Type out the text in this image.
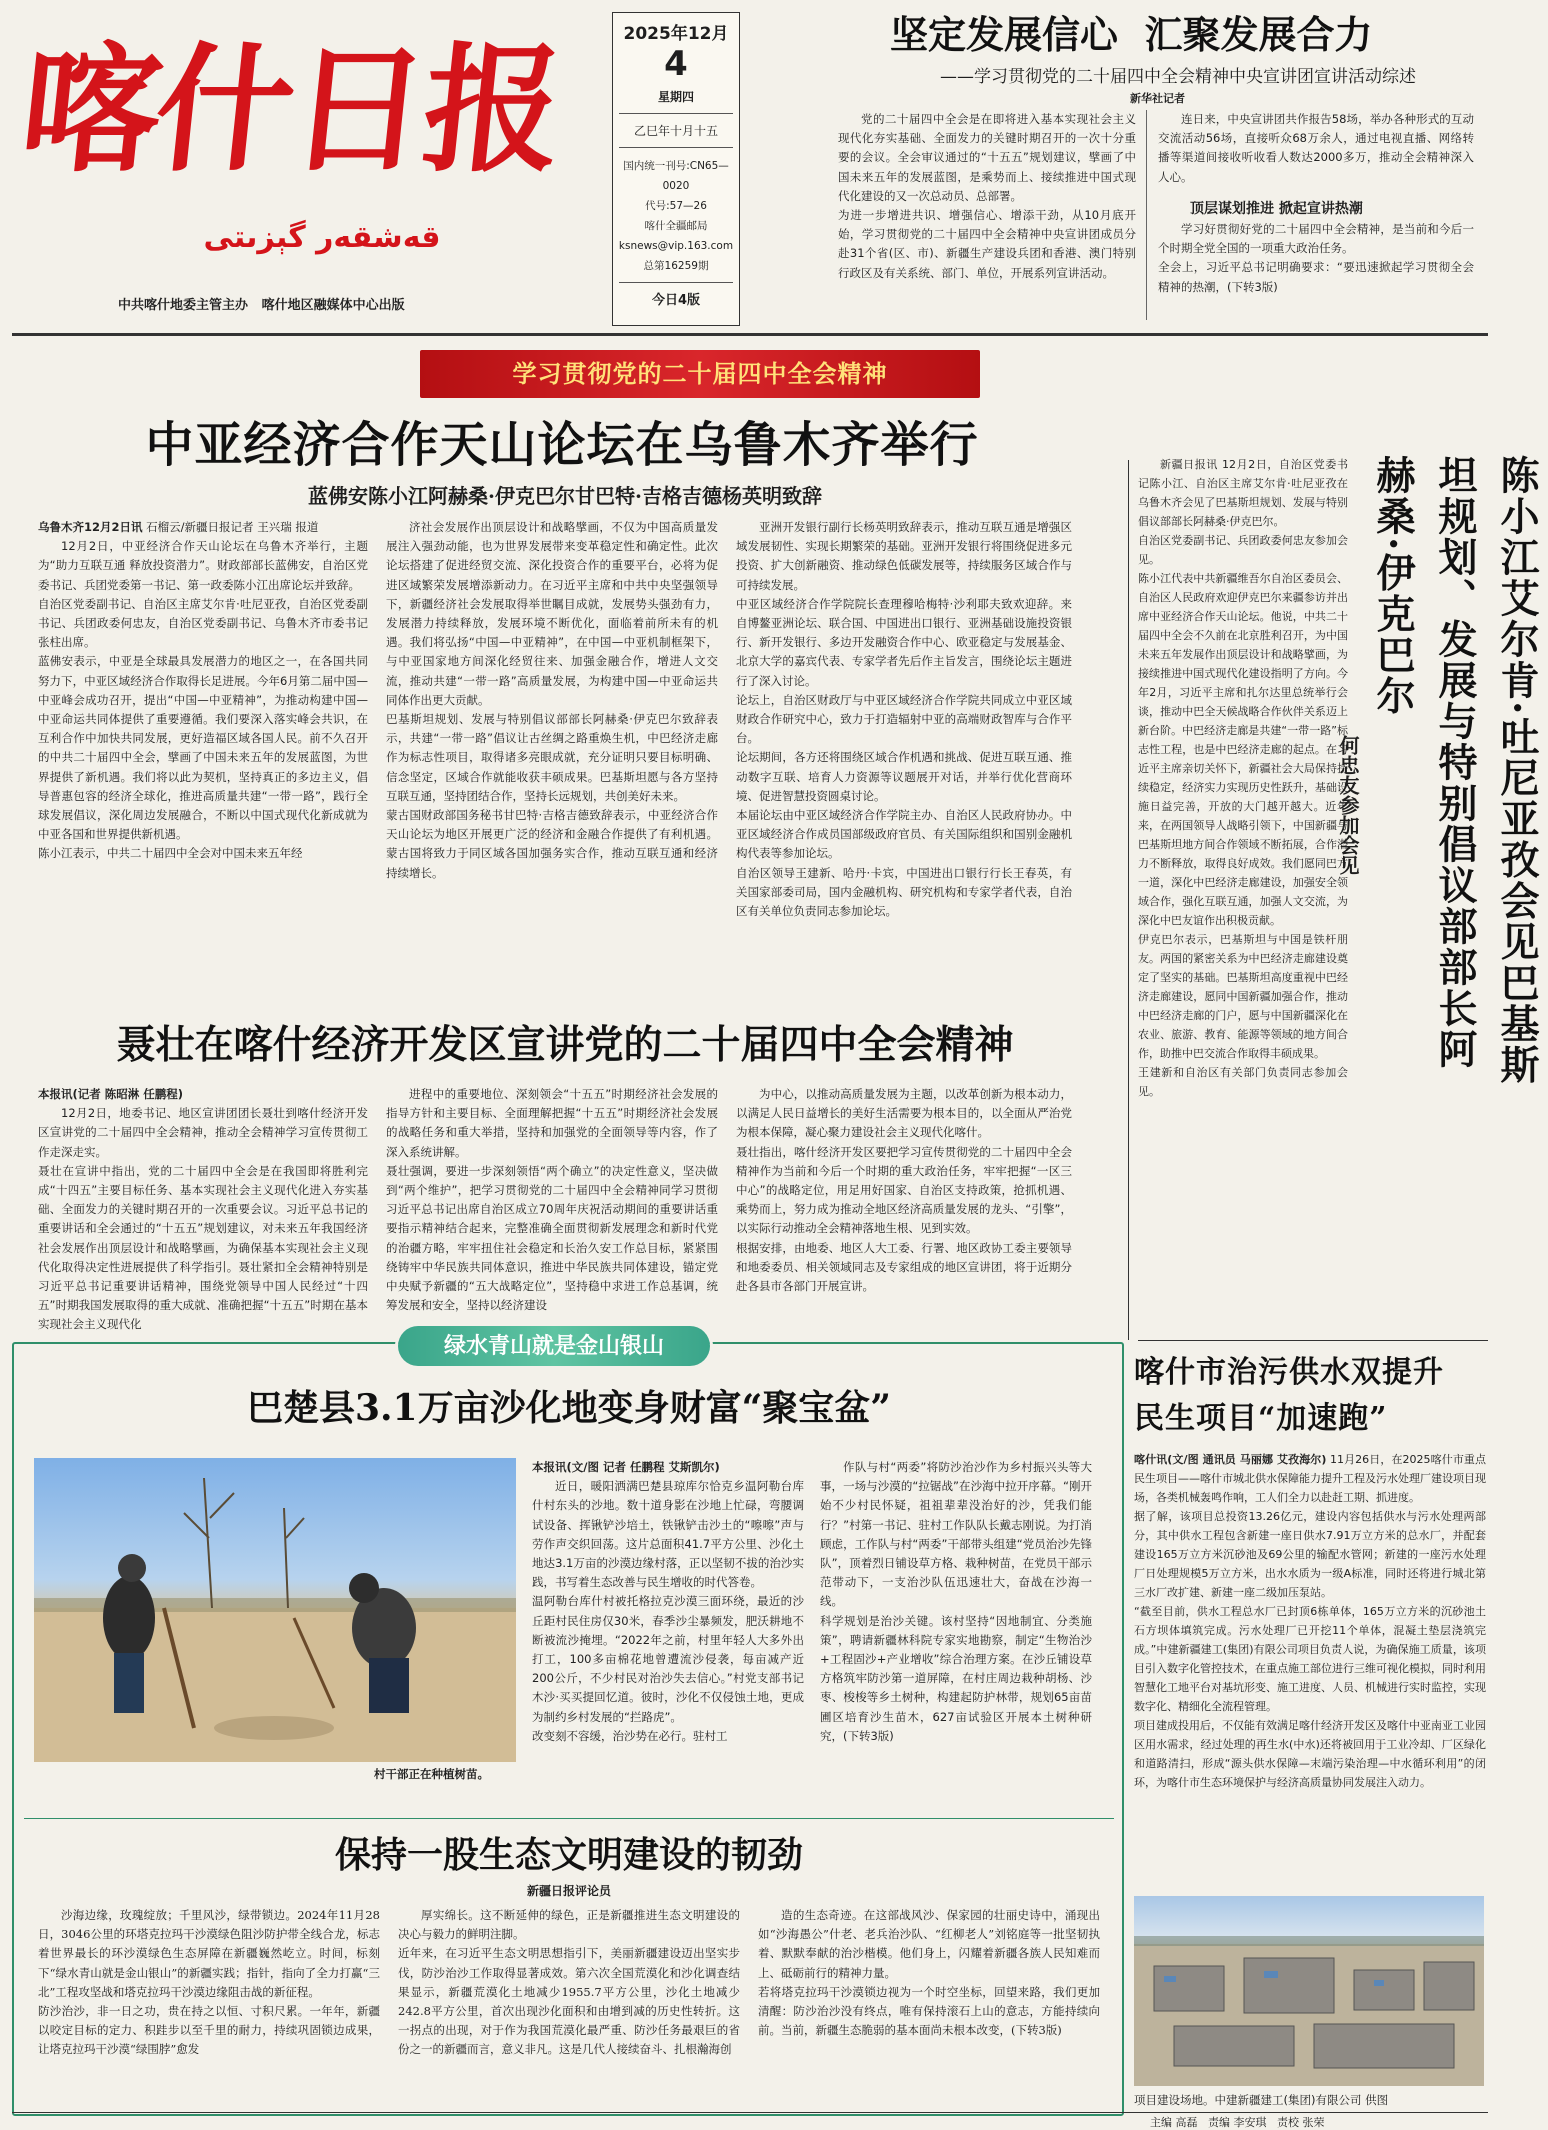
喀什日报
قەشقەر گېزىتى
中共喀什地委主管主办   喀什地区融媒体中心出版
2025年12月
4
星期四
乙巳年十月十五
国内统一刊号:CN65—0020
代号:57—26
喀什全疆邮局
ksnews@vip.163.com
总第16259期
今日4版
坚定发展信心  汇聚发展合力
——学习贯彻党的二十届四中全会精神中央宣讲团宣讲活动综述
新华社记者
党的二十届四中全会是在即将进入基本实现社会主义现代化夯实基础、全面发力的关键时期召开的一次十分重要的会议。全会审议通过的“十五五”规划建议，擘画了中国未来五年的发展蓝图，是乘势而上、接续推进中国式现代化建设的又一次总动员、总部署。
为进一步增进共识、增强信心、增添干劲，从10月底开始，学习贯彻党的二十届四中全会精神中央宣讲团成员分赴31个省(区、市)、新疆生产建设兵团和香港、澳门特别行政区及有关系统、部门、单位，开展系列宣讲活动。
连日来，中央宣讲团共作报告58场，举办各种形式的互动交流活动56场，直接听众68万余人，通过电视直播、网络转播等渠道间接收听收看人数达2000多万，推动全会精神深入人心。
顶层谋划推进 掀起宣讲热潮
学习好贯彻好党的二十届四中全会精神，是当前和今后一个时期全党全国的一项重大政治任务。
全会上，习近平总书记明确要求：“要迅速掀起学习贯彻全会精神的热潮，(下转3版)
学习贯彻党的二十届四中全会精神
中亚经济合作天山论坛在乌鲁木齐举行
蓝佛安陈小江阿赫桑·伊克巴尔甘巴特·吉格吉德杨英明致辞
乌鲁木齐12月2日讯 石榴云/新疆日报记者 王兴瑞 报道
12月2日，中亚经济合作天山论坛在乌鲁木齐举行，主题为“助力互联互通 释放投资潜力”。财政部部长蓝佛安，自治区党委书记、兵团党委第一书记、第一政委陈小江出席论坛并致辞。
自治区党委副书记、自治区主席艾尔肯·吐尼亚孜，自治区党委副书记、兵团政委何忠友，自治区党委副书记、乌鲁木齐市委书记张柱出席。
蓝佛安表示，中亚是全球最具发展潜力的地区之一，在各国共同努力下，中亚区域经济合作取得长足进展。今年6月第二届中国—中亚峰会成功召开，提出“中国—中亚精神”，为推动构建中国—中亚命运共同体提供了重要遵循。我们要深入落实峰会共识，在互利合作中加快共同发展，更好造福区域各国人民。前不久召开的中共二十届四中全会，擘画了中国未来五年的发展蓝图，为世界提供了新机遇。我们将以此为契机，坚持真正的多边主义，倡导普惠包容的经济全球化，推进高质量共建“一带一路”，践行全球发展倡议，深化周边发展融合，不断以中国式现代化新成就为中亚各国和世界提供新机遇。
陈小江表示，中共二十届四中全会对中国未来五年经
济社会发展作出顶层设计和战略擘画，不仅为中国高质量发展注入强劲动能，也为世界发展带来变革稳定性和确定性。此次论坛搭建了促进经贸交流、深化投资合作的重要平台，必将为促进区域繁荣发展增添新动力。在习近平主席和中共中央坚强领导下，新疆经济社会发展取得举世瞩目成就，发展势头强劲有力，发展潜力持续释放，发展环境不断优化，面临着前所未有的机遇。我们将弘扬“中国—中亚精神”，在中国—中亚机制框架下，与中亚国家地方间深化经贸往来、加强金融合作，增进人文交流，推动共建“一带一路”高质量发展，为构建中国—中亚命运共同体作出更大贡献。
巴基斯坦规划、发展与特别倡议部部长阿赫桑·伊克巴尔致辞表示，共建“一带一路”倡议让古丝绸之路重焕生机，中巴经济走廊作为标志性项目，取得诸多亮眼成就，充分证明只要目标明确、信念坚定，区域合作就能收获丰硕成果。巴基斯坦愿与各方坚持互联互通，坚持团结合作，坚持长远规划，共创美好未来。
蒙古国财政部国务秘书甘巴特·吉格吉德致辞表示，中亚经济合作天山论坛为地区开展更广泛的经济和金融合作提供了有利机遇。蒙古国将致力于同区域各国加强务实合作，推动互联互通和经济持续增长。
亚洲开发银行副行长杨英明致辞表示，推动互联互通是增强区域发展韧性、实现长期繁荣的基础。亚洲开发银行将围绕促进多元投资、扩大创新融资、推动绿色低碳发展等，持续服务区域合作与可持续发展。
中亚区域经济合作学院院长查理穆哈梅特·沙利耶夫致欢迎辞。来自博鳌亚洲论坛、联合国、中国进出口银行、亚洲基础设施投资银行、新开发银行、多边开发融资合作中心、欧亚稳定与发展基金、北京大学的嘉宾代表、专家学者先后作主旨发言，围绕论坛主题进行了深入讨论。
论坛上，自治区财政厅与中亚区域经济合作学院共同成立中亚区域财政合作研究中心，致力于打造辐射中亚的高端财政智库与合作平台。
论坛期间，各方还将围绕区域合作机遇和挑战、促进互联互通、推动数字互联、培育人力资源等议题展开对话，并举行优化营商环境、促进智慧投资圆桌讨论。
本届论坛由中亚区域经济合作学院主办、自治区人民政府协办。中亚区域经济合作成员国部级政府官员、有关国际组织和国别金融机构代表等参加论坛。
自治区领导王建新、哈丹·卡宾，中国进出口银行行长王春英，有关国家部委司局，国内金融机构、研究机构和专家学者代表，自治区有关单位负责同志参加论坛。
新疆日报讯 12月2日，自治区党委书记陈小江、自治区主席艾尔肯·吐尼亚孜在乌鲁木齐会见了巴基斯坦规划、发展与特别倡议部部长阿赫桑·伊克巴尔。
自治区党委副书记、兵团政委何忠友参加会见。
陈小江代表中共新疆维吾尔自治区委员会、自治区人民政府欢迎伊克巴尔来疆参访并出席中亚经济合作天山论坛。他说，中共二十届四中全会不久前在北京胜利召开，为中国未来五年发展作出顶层设计和战略擘画，为接续推进中国式现代化建设指明了方向。今年2月，习近平主席和扎尔达里总统举行会谈，推动中巴全天候战略合作伙伴关系迈上新台阶。中巴经济走廊是共建“一带一路”标志性工程，也是中巴经济走廊的起点。在习近平主席亲切关怀下，新疆社会大局保持持续稳定，经济实力实现历史性跃升，基础设施日益完善，开放的大门越开越大。近年来，在两国领导人战略引领下，中国新疆与巴基斯坦地方间合作领域不断拓展，合作潜力不断释放，取得良好成效。我们愿同巴方一道，深化中巴经济走廊建设，加强安全领域合作，强化互联互通，加强人文交流，为深化中巴友谊作出积极贡献。
伊克巴尔表示，巴基斯坦与中国是铁杆朋友。两国的紧密关系为中巴经济走廊建设奠定了坚实的基础。巴基斯坦高度重视中巴经济走廊建设，愿同中国新疆加强合作，推动中巴经济走廊的门户，愿与中国新疆深化在农业、旅游、教育、能源等领域的地方间合作，助推中巴交流合作取得丰硕成果。
王建新和自治区有关部门负责同志参加会见。
陈小江艾尔肯·吐尼亚孜会见巴基斯坦规划、发展与特别倡议部部长阿赫桑·伊克巴尔
何忠友参加会见
聂壮在喀什经济开发区宣讲党的二十届四中全会精神
本报讯(记者 陈昭淋 任鹏程)
12月2日，地委书记、地区宣讲团团长聂壮到喀什经济开发区宣讲党的二十届四中全会精神，推动全会精神学习宣传贯彻工作走深走实。
聂壮在宣讲中指出，党的二十届四中全会是在我国即将胜利完成“十四五”主要目标任务、基本实现社会主义现代化进入夯实基础、全面发力的关键时期召开的一次重要会议。习近平总书记的重要讲话和全会通过的“十五五”规划建议，对未来五年我国经济社会发展作出顶层设计和战略擘画，为确保基本实现社会主义现代化取得决定性进展提供了科学指引。聂壮紧扣全会精神特别是习近平总书记重要讲话精神，围绕党领导中国人民经过“十四五”时期我国发展取得的重大成就、准确把握“十五五”时期在基本实现社会主义现代化
进程中的重要地位、深刻领会“十五五”时期经济社会发展的指导方针和主要目标、全面理解把握“十五五”时期经济社会发展的战略任务和重大举措，坚持和加强党的全面领导等内容，作了深入系统讲解。
聂壮强调，要进一步深刻领悟“两个确立”的决定性意义，坚决做到“两个维护”，把学习贯彻党的二十届四中全会精神同学习贯彻习近平总书记出席自治区成立70周年庆祝活动期间的重要讲话重要指示精神结合起来，完整准确全面贯彻新发展理念和新时代党的治疆方略，牢牢扭住社会稳定和长治久安工作总目标，紧紧围绕铸牢中华民族共同体意识，推进中华民族共同体建设，锚定党中央赋予新疆的“五大战略定位”，坚持稳中求进工作总基调，统筹发展和安全，坚持以经济建设
为中心，以推动高质量发展为主题，以改革创新为根本动力，以满足人民日益增长的美好生活需要为根本目的，以全面从严治党为根本保障，凝心聚力建设社会主义现代化喀什。
聂壮指出，喀什经济开发区要把学习宣传贯彻党的二十届四中全会精神作为当前和今后一个时期的重大政治任务，牢牢把握“一区三中心”的战略定位，用足用好国家、自治区支持政策，抢抓机遇、乘势而上，努力成为推动全地区经济高质量发展的龙头、“引擎”，以实际行动推动全会精神落地生根、见到实效。
根据安排，由地委、地区人大工委、行署、地区政协工委主要领导和地委委员、相关领域同志及专家组成的地区宣讲团，将于近期分赴各县市各部门开展宣讲。
绿水青山就是金山银山
巴楚县3.1万亩沙化地变身财富“聚宝盆”
村干部正在种植树苗。
本报讯(文/图 记者 任鹏程 艾斯凯尔)
近日，暖阳洒满巴楚县琼库尔恰克乡温阿勒台库什村东头的沙地。数十道身影在沙地上忙碌，弯腰调试设备、挥锹铲沙培土，铁锹铲击沙土的“嚓嚓”声与劳作声交织回荡。这片总面积41.7平方公里、沙化土地达3.1万亩的沙漠边缘村落，正以坚韧不拔的治沙实践，书写着生态改善与民生增收的时代答卷。
温阿勒台库什村被托格拉克沙漠三面环绕，最近的沙丘距村民住房仅30米，春季沙尘暴频发，肥沃耕地不断被流沙掩埋。“2022年之前，村里年轻人大多外出打工，100多亩棉花地曾遭流沙侵袭，每亩减产近200公斤，不少村民对治沙失去信心。”村党支部书记木沙·买买提回忆道。彼时，沙化不仅侵蚀土地，更成为制约乡村发展的“拦路虎”。
改变刻不容缓，治沙势在必行。驻村工
作队与村“两委”将防沙治沙作为乡村振兴头等大事，一场与沙漠的“拉锯战”在沙海中拉开序幕。“刚开始不少村民怀疑，祖祖辈辈没治好的沙，凭我们能行？”村第一书记、驻村工作队队长戴志刚说。为打消顾虑，工作队与村“两委”干部带头组建“党员治沙先锋队”，顶着烈日铺设草方格、栽种树苗，在党员干部示范带动下，一支治沙队伍迅速壮大，奋战在沙海一线。
科学规划是治沙关键。该村坚持“因地制宜、分类施策”，聘请新疆林科院专家实地勘察，制定“生物治沙+工程固沙+产业增收”综合治理方案。在沙丘铺设草方格筑牢防沙第一道屏障，在村庄周边栽种胡杨、沙枣、梭梭等乡土树种，构建起防护林带，规划65亩苗圃区培育沙生苗木，627亩试验区开展本土树种研究，(下转3版)
保持一股生态文明建设的韧劲
新疆日报评论员
沙海边缘，玫瑰绽放；千里风沙，绿带锁边。2024年11月28日，3046公里的环塔克拉玛干沙漠绿色阻沙防护带全线合龙，标志着世界最长的环沙漠绿色生态屏障在新疆巍然屹立。时间，标刻下“绿水青山就是金山银山”的新疆实践；指针，指向了全力打赢“三北”工程攻坚战和塔克拉玛干沙漠边缘阻击战的新征程。
防沙治沙，非一日之功，贵在持之以恒、寸积尺累。一年年，新疆以咬定目标的定力、积跬步以至千里的耐力，持续巩固锁边成果，让塔克拉玛干沙漠“绿围脖”愈发
厚实绵长。这不断延伸的绿色，正是新疆推进生态文明建设的决心与毅力的鲜明注脚。
近年来，在习近平生态文明思想指引下，美丽新疆建设迈出坚实步伐，防沙治沙工作取得显著成效。第六次全国荒漠化和沙化调查结果显示，新疆荒漠化土地减少1955.7平方公里，沙化土地减少242.8平方公里，首次出现沙化面积和由增到减的历史性转折。这一拐点的出现，对于作为我国荒漠化最严重、防沙任务最艰巨的省份之一的新疆而言，意义非凡。这是几代人接续奋斗、扎根瀚海创
造的生态奇迹。在这部战风沙、保家园的壮丽史诗中，涌现出如“沙海愚公”什老、老兵治沙队、“红柳老人”刘铭庭等一批坚韧执着、默默奉献的治沙楷模。他们身上，闪耀着新疆各族人民知难而上、砥砺前行的精神力量。
若将塔克拉玛干沙漠锁边视为一个时空坐标，回望来路，我们更加清醒：防沙治沙没有终点，唯有保持滚石上山的意志，方能持续向前。当前，新疆生态脆弱的基本面尚未根本改变，(下转3版)
喀什市治污供水双提升
民生项目“加速跑”
喀什讯(文/图 通讯员 马丽娜 艾孜海尔) 11月26日，在2025喀什市重点民生项目——喀什市城北供水保障能力提升工程及污水处理厂建设项目现场，各类机械轰鸣作响，工人们全力以赴赶工期、抓进度。
据了解，该项目总投资13.26亿元，建设内容包括供水与污水处理两部分，其中供水工程包含新建一座日供水7.91万立方米的总水厂，并配套建设165万立方米沉砂池及69公里的输配水管网；新建的一座污水处理厂日处理规模5万立方米，出水水质为一级A标准，同时还将进行城北第三水厂改扩建、新建一座二级加压泵站。
“截至目前，供水工程总水厂已封顶6栋单体，165万立方米的沉砂池土石方坝体填筑完成。污水处理厂已开挖11个单体，混凝土垫层浇筑完成。”中建新疆建工(集团)有限公司项目负责人说，为确保施工质量，该项目引入数字化管控技术，在重点施工部位进行三维可视化模拟，同时利用智慧化工地平台对基坑形变、施工进度、人员、机械进行实时监控，实现数字化、精细化全流程管理。
项目建成投用后，不仅能有效满足喀什经济开发区及喀什中亚南亚工业园区用水需求，经过处理的再生水(中水)还将被回用于工业冷却、厂区绿化和道路清扫，形成“源头供水保障—末端污染治理—中水循环利用”的闭环，为喀什市生态环境保护与经济高质量协同发展注入动力。
项目建设场地。中建新疆建工(集团)有限公司 供图
主编 高磊   责编 李安琪   责校 张荣
